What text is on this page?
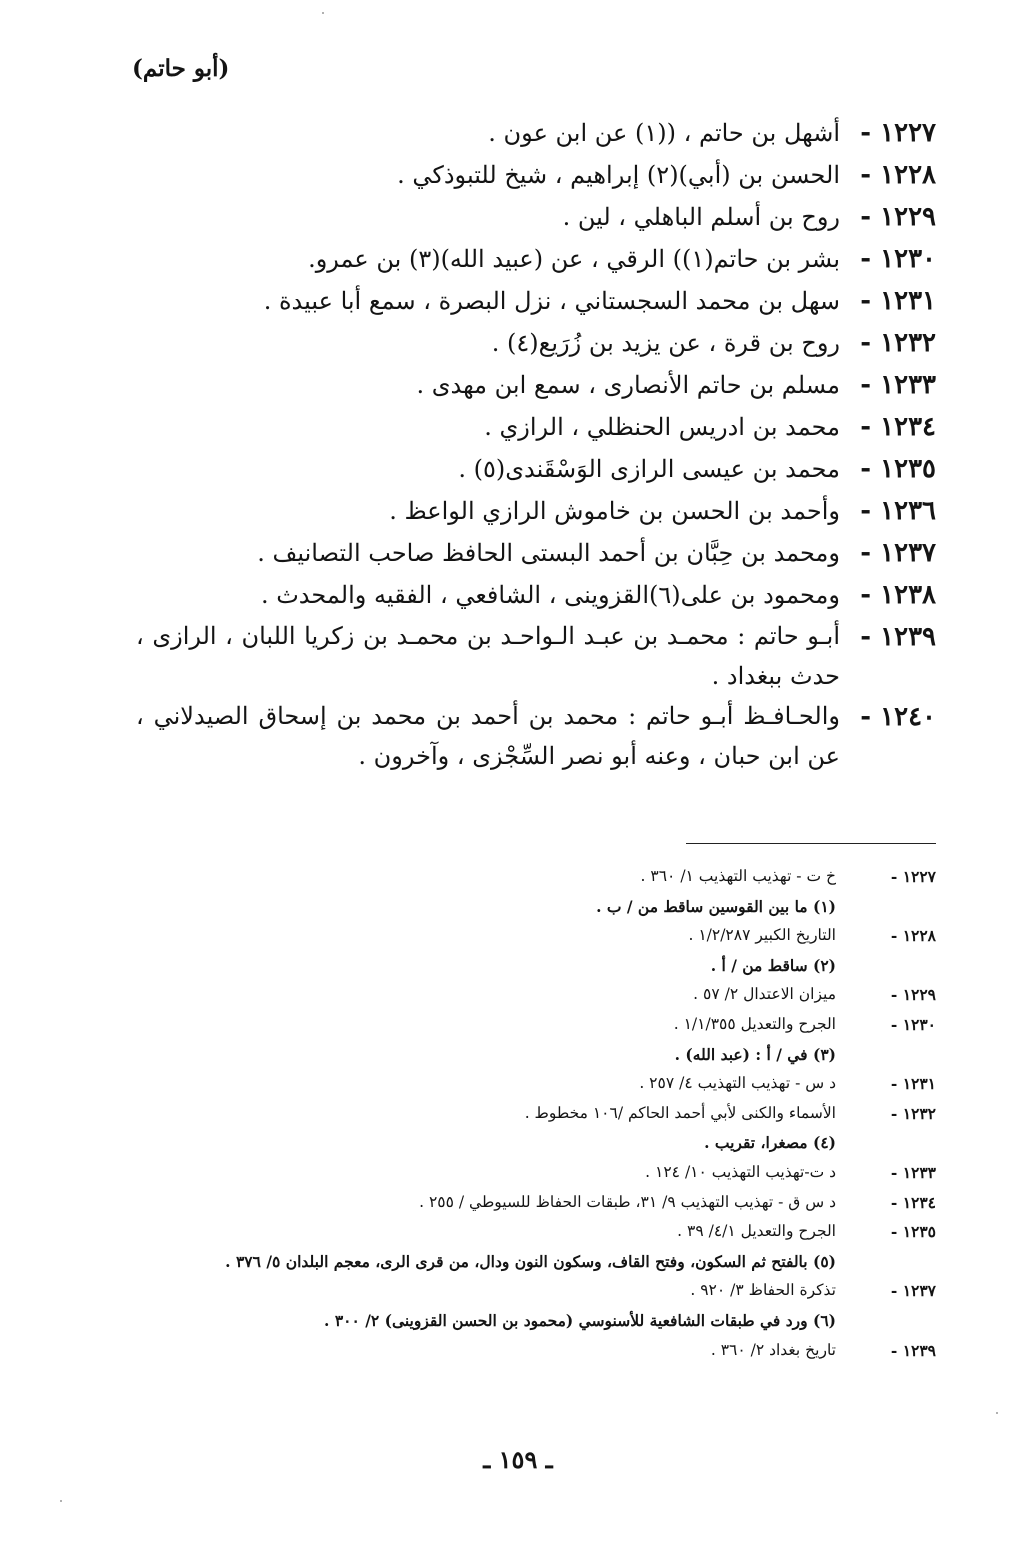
(أبو حاتم)
١٢٢٧ -
أشهل بن حاتم ، ((١) عن ابن عون .
١٢٢٨ -
الحسن بن (أبي)(٢) إبراهيم ، شيخ للتبوذكي .
١٢٢٩ -
روح بن أسلم الباهلي ، لين .
١٢٣٠ -
بشر بن حاتم(١)) الرقي ، عن (عبيد الله)(٣) بن عمرو.
١٢٣١ -
سهل بن محمد السجستاني ، نزل البصرة ، سمع أبا عبيدة .
١٢٣٢ -
روح بن قرة ، عن يزيد بن زُرَيع(٤) .
١٢٣٣ -
مسلم بن حاتم الأنصارى ، سمع ابن مهدى .
١٢٣٤ -
محمد بن ادريس الحنظلي ، الرازي .
١٢٣٥ -
محمد بن عيسى الرازى الوَسْقَندى(٥) .
١٢٣٦ -
وأحمد بن الحسن بن خاموش الرازي الواعظ .
١٢٣٧ -
ومحمد بن حِبَّان بن أحمد البستى الحافظ صاحب التصانيف .
١٢٣٨ -
ومحمود بن على(٦)القزوينى ، الشافعي ، الفقيه والمحدث .
١٢٣٩ -
أبـو حاتم : محمـد بن عبـد الـواحـد بن محمـد بن زكريا اللبان ، الرازى ، حدث ببغداد .
١٢٤٠ -
والحـافـظ أبـو حاتم : محمد بن أحمد بن محمد بن إسحاق الصيدلاني ، عن ابن حبان ، وعنه أبو نصر السِّجْزى ، وآخرون .
١٢٢٧ -
خ ت - تهذيب التهذيب ١/ ٣٦٠ .
(١) ما بين القوسين ساقط من / ب .
١٢٢٨ -
التاريخ الكبير ١/٢/٢٨٧ .
(٢) ساقط من / أ .
١٢٢٩ -
ميزان الاعتدال ٢/ ٥٧ .
١٢٣٠ -
الجرح والتعديل ١/١/٣٥٥ .
(٣) في / أ : (عبد الله) .
١٢٣١ -
د س - تهذيب التهذيب ٤/ ٢٥٧ .
١٢٣٢ -
الأسماء والكنى لأبي أحمد الحاكم /١٠٦ مخطوط .
(٤) مصغرا، تقريب .
١٢٣٣ -
د ت-تهذيب التهذيب ١٠/ ١٢٤ .
١٢٣٤ -
د س ق - تهذيب التهذيب ٩/ ٣١، طبقات الحفاظ للسيوطي / ٢٥٥ .
١٢٣٥ -
الجرح والتعديل ٤/١/ ٣٩ .
(٥) بالفتح ثم السكون، وفتح القاف، وسكون النون ودال، من قرى الرى، معجم البلدان ٥/ ٣٧٦ .
١٢٣٧ -
تذكرة الحفاظ ٣/ ٩٢٠ .
(٦) ورد في طبقات الشافعية للأسنوسي (محمود بن الحسن القزوينى) ٢/ ٣٠٠ .
١٢٣٩ -
تاريخ بغداد ٢/ ٣٦٠ .
ـ ١٥٩ ـ
